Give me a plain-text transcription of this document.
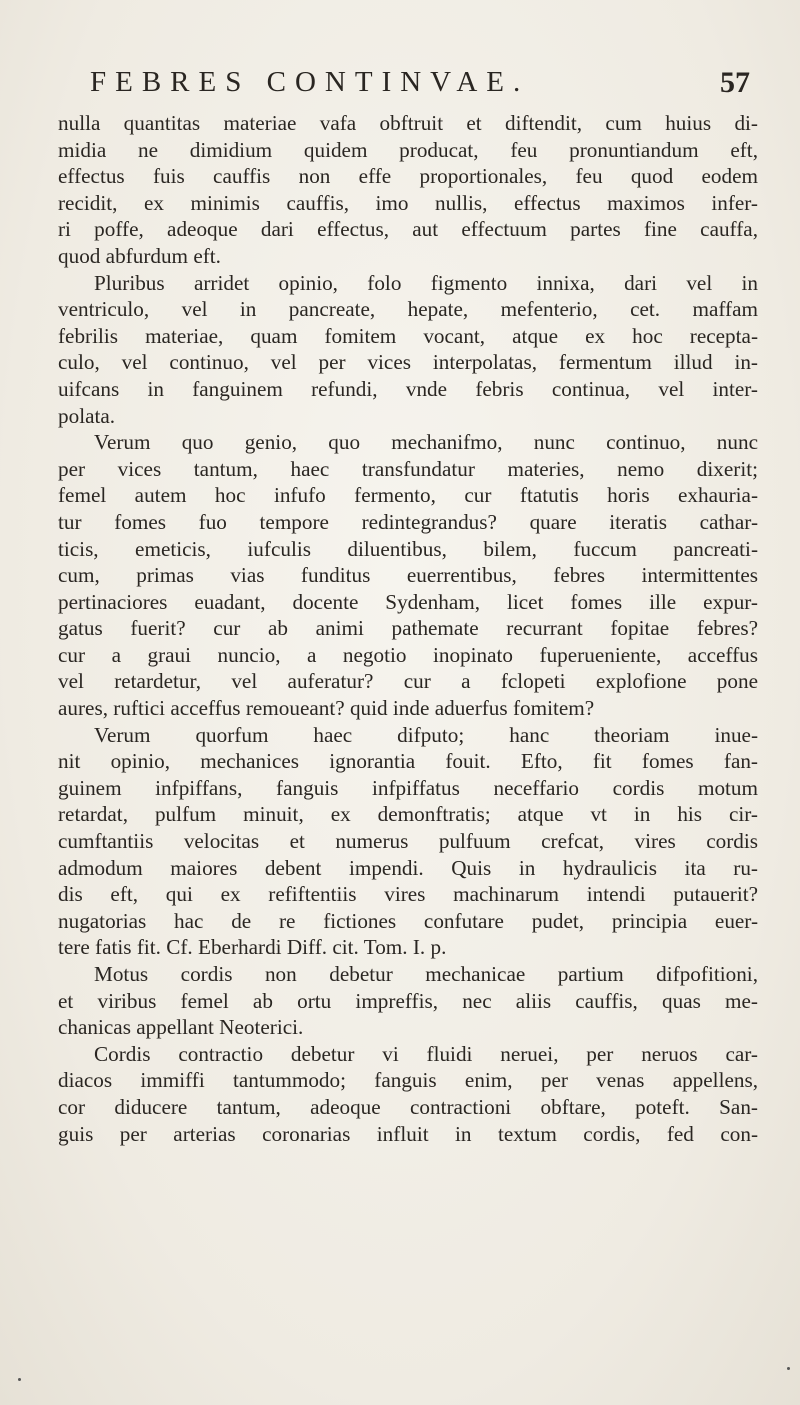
FEBRES CONTINVAE.	57
nulla quantitas materiae vafa obftruit et diftendit, cum huius di-
midia ne dimidium quidem producat, feu pronuntiandum eft,
effectus fuis cauffis non effe proportionales, feu quod eodem
recidit, ex minimis cauffis, imo nullis, effectus maximos infer-
ri poffe, adeoque dari effectus, aut effectuum partes fine cauffa,
quod abfurdum eft.
Pluribus arridet opinio, folo figmento innixa, dari vel in
ventriculo, vel in pancreate, hepate, mefenterio, cet. maffam
febrilis materiae, quam fomitem vocant, atque ex hoc recepta-
culo, vel continuo, vel per vices interpolatas, fermentum illud in-
uifcans in fanguinem refundi, vnde febris continua, vel inter-
polata.
Verum quo genio, quo mechanifmo, nunc continuo, nunc
per vices tantum, haec transfundatur materies, nemo dixerit;
femel autem hoc infufo fermento, cur ftatutis horis exhauria-
tur fomes fuo tempore redintegrandus? quare iteratis cathar-
ticis, emeticis, iufculis diluentibus, bilem, fuccum pancreati-
cum, primas vias funditus euerrentibus, febres intermittentes
pertinaciores euadant, docente Sydenham, licet fomes ille expur-
gatus fuerit? cur ab animi pathemate recurrant fopitae febres?
cur a graui nuncio, a negotio inopinato fuperueniente, acceffus
vel retardetur, vel auferatur? cur a fclopeti explofione pone
aures, ruftici acceffus remoueant? quid inde aduerfus fomitem?
Verum quorfum haec difputo; hanc theoriam inue-
nit opinio, mechanices ignorantia fouit. Efto, fit fomes fan-
guinem infpiffans, fanguis infpiffatus neceffario cordis motum
retardat, pulfum minuit, ex demonftratis; atque vt in his cir-
cumftantiis velocitas et numerus pulfuum crefcat, vires cordis
admodum maiores debent impendi. Quis in hydraulicis ita ru-
dis eft, qui ex refiftentiis vires machinarum intendi putauerit?
nugatorias hac de re fictiones confutare pudet, principia euer-
tere fatis fit. Cf. Eberhardi Diff. cit. Tom. I. p.
Motus cordis non debetur mechanicae partium difpofitioni,
et viribus femel ab ortu impreffis, nec aliis cauffis, quas me-
chanicas appellant Neoterici.
Cordis contractio debetur vi fluidi neruei, per neruos car-
diacos immiffi tantummodo; fanguis enim, per venas appellens,
cor diducere tantum, adeoque contractioni obftare, poteft. San-
guis per arterias coronarias influit in textum cordis, fed con-
